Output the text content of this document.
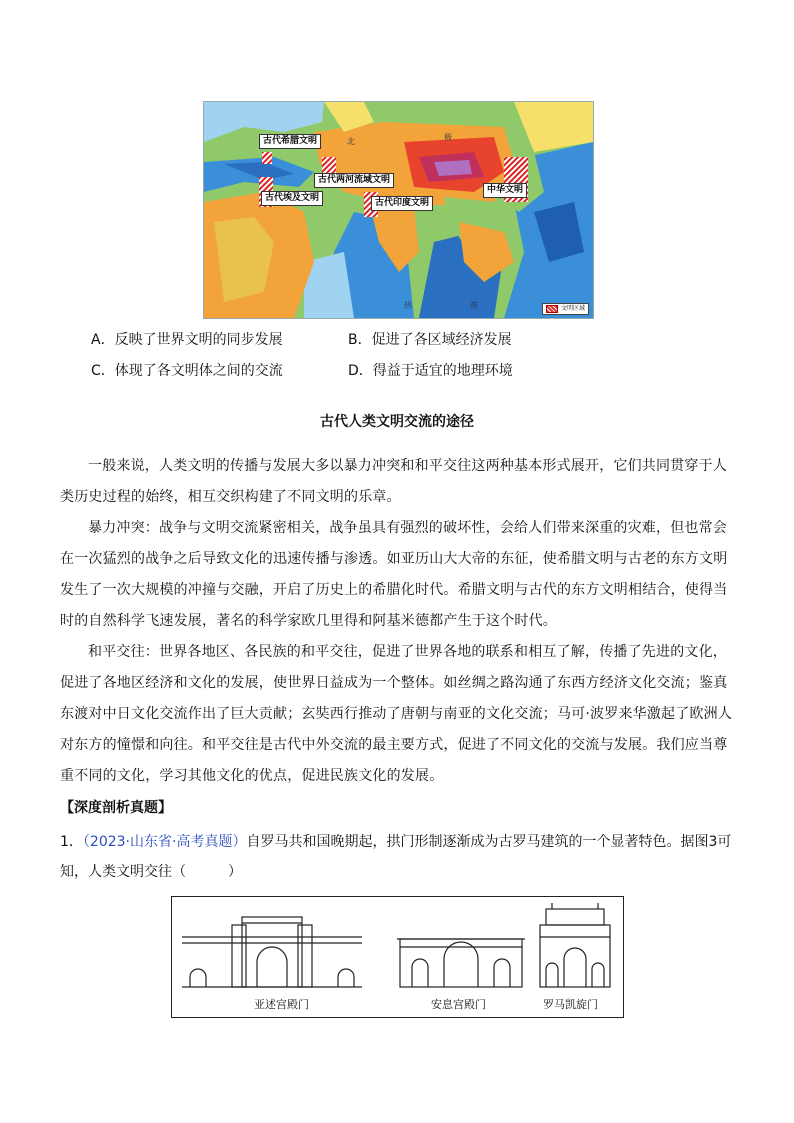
北	极
热	带
古代希腊文明
古代两河流域文明
古代埃及文明	古代印度文明
中华文明
文明区域
A．反映了世界文明的同步发展	B．促进了各区域经济发展
C．体现了各文明体之间的交流	D．得益于适宜的地理环境
古代人类文明交流的途径

一般来说，人类文明的传播与发展大多以暴力冲突和和平交往这两种基本形式展开，它们共同贯穿于人类历史过程的始终，相互交织构建了不同文明的乐章。

暴力冲突：战争与文明交流紧密相关，战争虽具有强烈的破坏性，会给人们带来深重的灾难，但也常会在一次猛烈的战争之后导致文化的迅速传播与渗透。如亚历山大大帝的东征，使希腊文明与古老的东方文明发生了一次大规模的冲撞与交融，开启了历史上的希腊化时代。希腊文明与古代的东方文明相结合，使得当时的自然科学飞速发展，著名的科学家欧几里得和阿基米德都产生于这个时代。

和平交往：世界各地区、各民族的和平交往，促进了世界各地的联系和相互了解，传播了先进的文化，促进了各地区经济和文化的发展，使世界日益成为一个整体。如丝绸之路沟通了东西方经济文化交流；鉴真东渡对中日文化交流作出了巨大贡献；玄奘西行推动了唐朝与南亚的文化交流；马可·波罗来华激起了欧洲人对东方的憧憬和向往。和平交往是古代中外交流的最主要方式，促进了不同文化的交流与发展。我们应当尊重不同的文化，学习其他文化的优点，促进民族文化的发展。

【深度剖析真题】
1．（2023·山东省·高考真题）自罗马共和国晚期起，拱门形制逐渐成为古罗马建筑的一个显著特色。据图3可知，人类文明交往（　　　）
亚述宫殿门	安息宫殿门	罗马凯旋门
